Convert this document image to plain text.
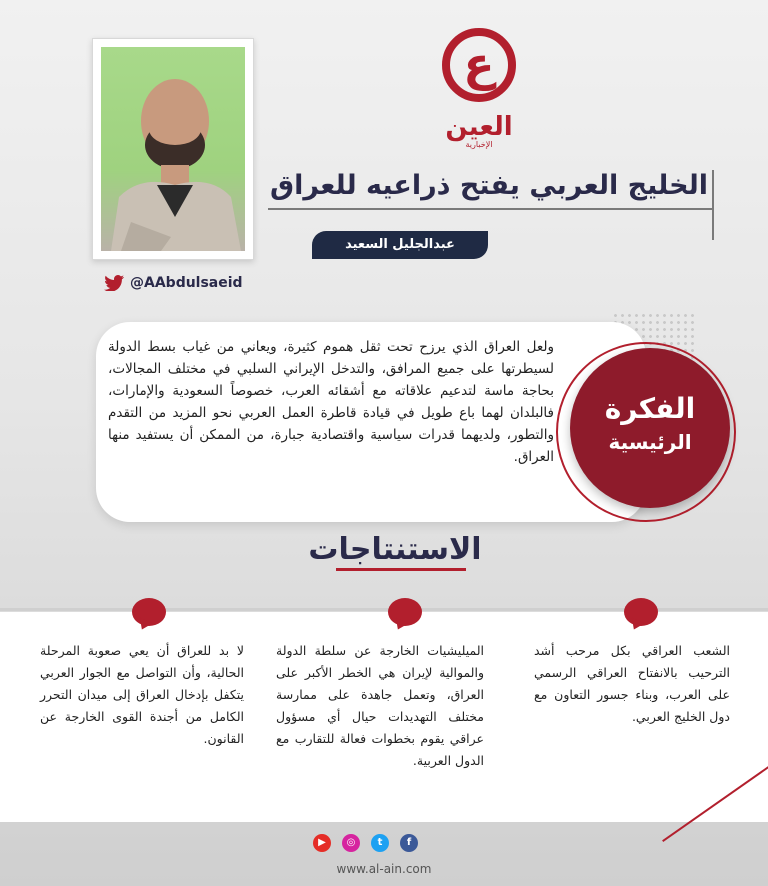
ع
العين
الإخبارية
الخليج العربي يفتح ذراعيه للعراق
عبدالجليل السعيد
@AAbdulsaeid
ولعل العراق الذي يرزح تحت ثقل هموم كثيرة، ويعاني من غياب بسط الدولة لسيطرتها على جميع المرافق، والتدخل الإيراني السلبي في مختلف المجالات، بحاجة ماسة لتدعيم علاقاته مع أشقائه العرب، خصوصاً السعودية والإمارات، فالبلدان لهما باع طويل في قيادة قاطرة العمل العربي نحو المزيد من التقدم والتطور، ولديهما قدرات سياسية واقتصادية جبارة، من الممكن أن يستفيد منها العراق.
الفكرة
الرئيسية
الاستنتاجات
الشعب العراقي بكل مرحب أشد الترحيب بالانفتاح العراقي الرسمي على العرب، وبناء جسور التعاون مع دول الخليج العربي.
الميليشيات الخارجة عن سلطة الدولة والموالية لإيران هي الخطر الأكبر على العراق، وتعمل جاهدة على ممارسة مختلف التهديدات حيال أي مسؤول عراقي يقوم بخطوات فعالة للتقارب مع الدول العربية.
لا بد للعراق أن يعي صعوبة المرحلة الحالية، وأن التواصل مع الجوار العربي يتكفل بإدخال العراق إلى ميدان التحرر الكامل من أجندة القوى الخارجة عن القانون.
▶	◎	t	f
www.al-ain.com
